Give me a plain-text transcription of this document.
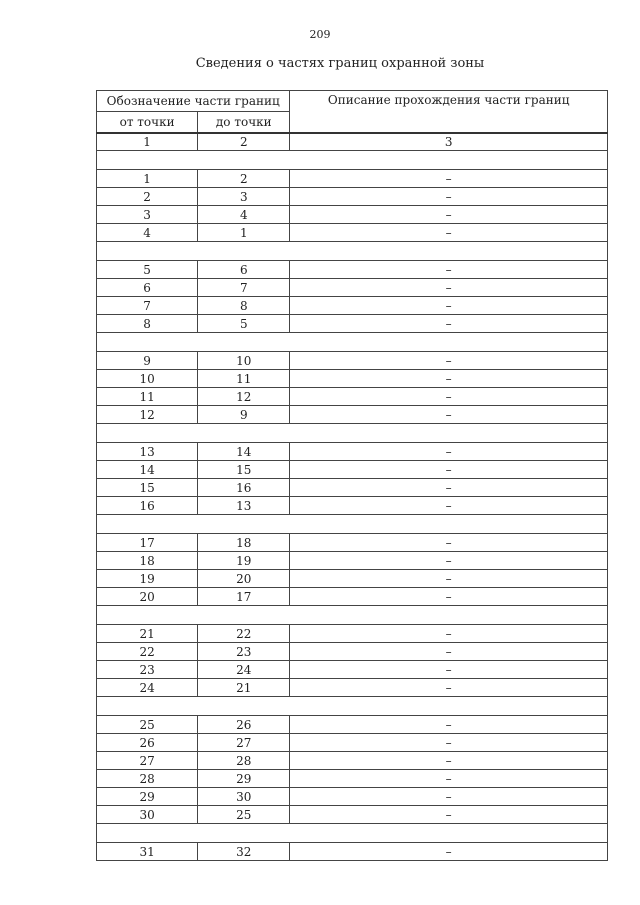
209
Сведения о частях границ охранной зоны
Обозначение части границ		Описание прохождения части границ
от точки	до точки	
1	2	3

1	2	–
2	3	–
3	4	–
4	1	–

5	6	–
6	7	–
7	8	–
8	5	–

9	10	–
10	11	–
11	12	–
12	9	–

13	14	–
14	15	–
15	16	–
16	13	–

17	18	–
18	19	–
19	20	–
20	17	–

21	22	–
22	23	–
23	24	–
24	21	–

25	26	–
26	27	–
27	28	–
28	29	–
29	30	–
30	25	–

31	32	–
